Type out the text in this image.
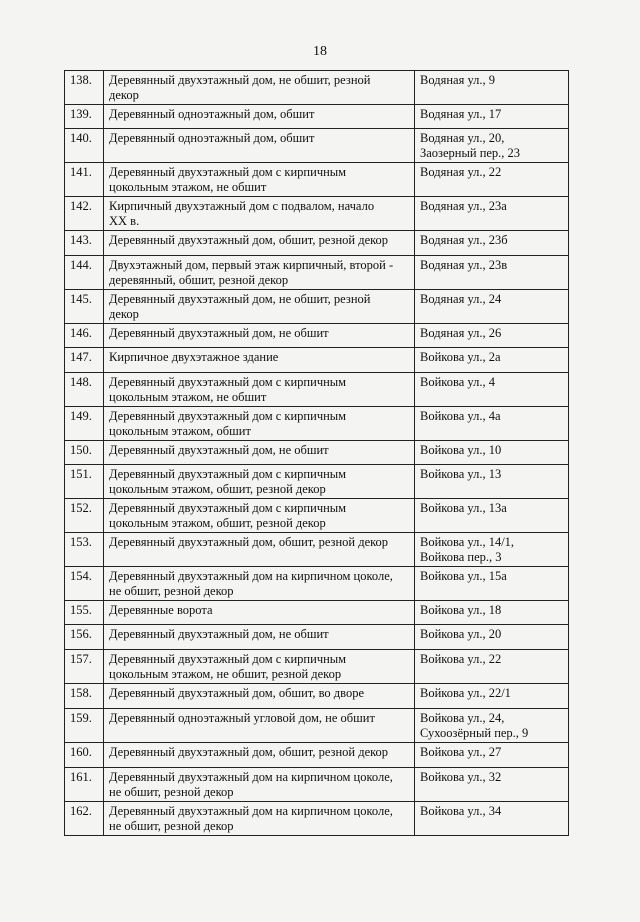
18
138.	Деревянный двухэтажный дом, не обшит, резной
декор	Водяная ул., 9

139.	Деревянный одноэтажный дом, обшит	Водяная ул., 17

140.	Деревянный одноэтажный дом, обшит	Водяная ул., 20,
Заозерный пер., 23

141.	Деревянный двухэтажный дом с кирпичным
цокольным этажом, не обшит	Водяная ул., 22

142.	Кирпичный двухэтажный дом с подвалом, начало
XX в.	Водяная ул., 23а

143.	Деревянный двухэтажный дом, обшит, резной декор	Водяная ул., 23б

144.	Двухэтажный дом, первый этаж кирпичный, второй -
деревянный, обшит, резной декор	Водяная ул., 23в

145.	Деревянный двухэтажный дом, не обшит, резной
декор	Водяная ул., 24

146.	Деревянный двухэтажный дом, не обшит	Водяная ул., 26

147.	Кирпичное двухэтажное здание	Войкова ул., 2а

148.	Деревянный двухэтажный дом с кирпичным
цокольным этажом, не обшит	Войкова ул., 4

149.	Деревянный двухэтажный дом с кирпичным
цокольным этажом, обшит	Войкова ул., 4а

150.	Деревянный двухэтажный дом, не обшит	Войкова ул., 10

151.	Деревянный двухэтажный дом с кирпичным
цокольным этажом, обшит, резной декор	Войкова ул., 13

152.	Деревянный двухэтажный дом с кирпичным
цокольным этажом, обшит, резной декор	Войкова ул., 13а

153.	Деревянный двухэтажный дом, обшит, резной декор	Войкова ул., 14/1,
Войкова пер., 3

154.	Деревянный двухэтажный дом на кирпичном цоколе,
не обшит, резной декор	Войкова ул., 15а

155.	Деревянные ворота	Войкова ул., 18

156.	Деревянный двухэтажный дом, не обшит	Войкова ул., 20

157.	Деревянный двухэтажный дом с кирпичным
цокольным этажом, не обшит, резной декор	Войкова ул., 22

158.	Деревянный двухэтажный дом, обшит, во дворе	Войкова ул., 22/1

159.	Деревянный одноэтажный угловой дом, не обшит	Войкова ул., 24,
Сухоозёрный пер., 9

160.	Деревянный двухэтажный дом, обшит, резной декор	Войкова ул., 27

161.	Деревянный двухэтажный дом на кирпичном цоколе,
не обшит, резной декор	Войкова ул., 32

162.	Деревянный двухэтажный дом на кирпичном цоколе,
не обшит, резной декор	Войкова ул., 34
